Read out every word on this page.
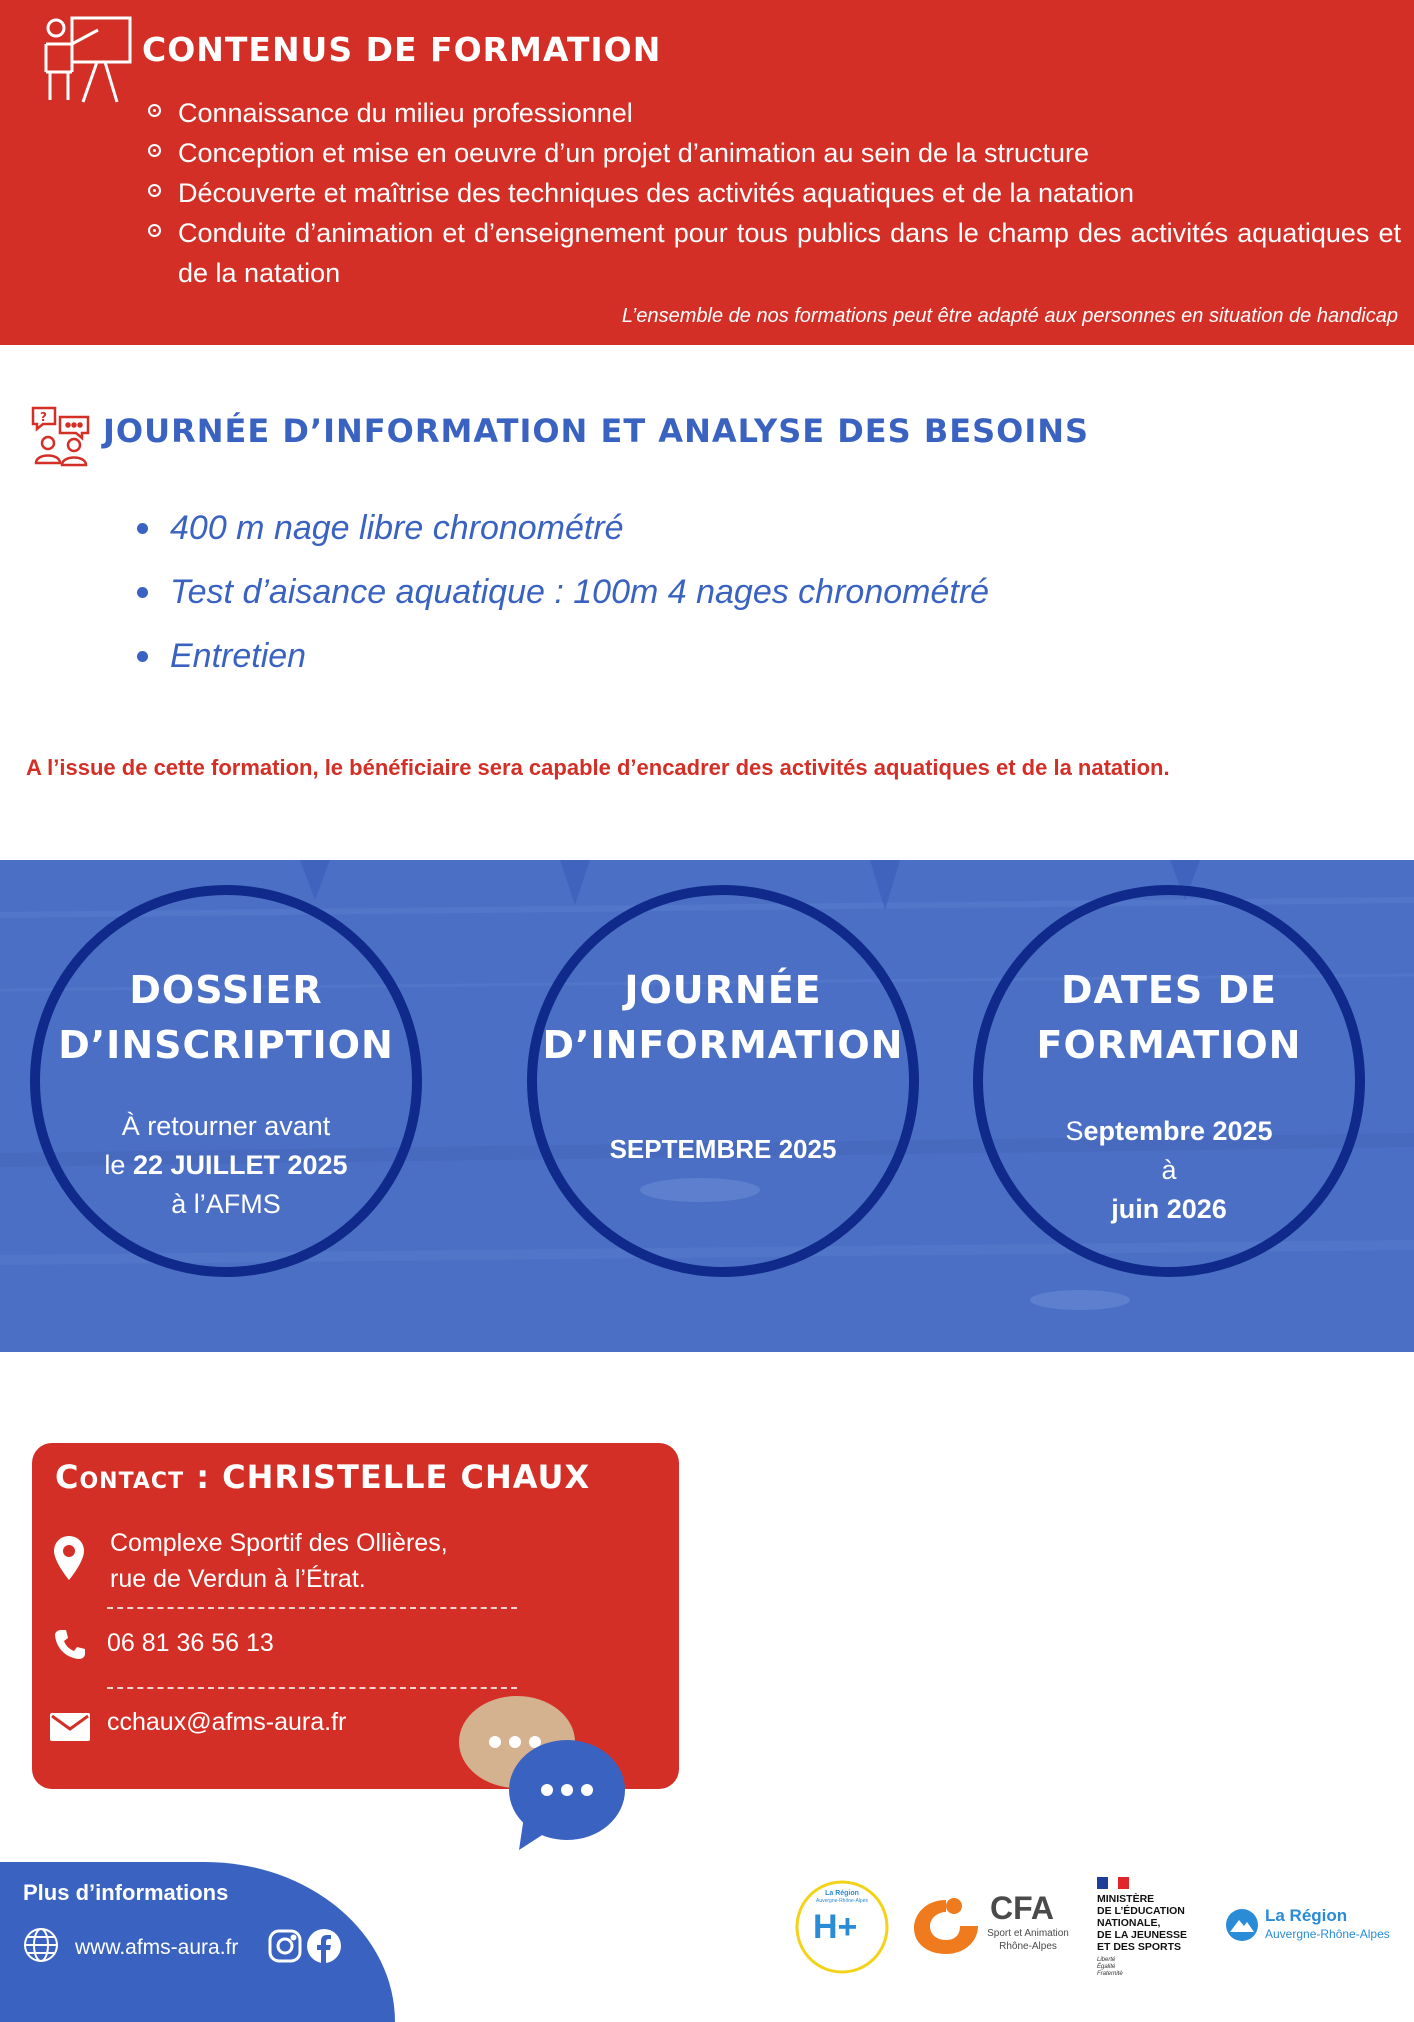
CONTENUS DE FORMATION
Connaissance du milieu professionnel
Conception et mise en oeuvre d’un projet d’animation au sein de la structure
Découverte et maîtrise des techniques des activités aquatiques et de la natation
Conduite d’animation et d’enseignement pour tous publics dans le champ des activités aquatiques et de la natation
L’ensemble de nos formations peut être adapté aux personnes en situation de handicap
? JOURNÉE D’INFORMATION ET ANALYSE DES BESOINS
400 m nage libre chronométré
Test d’aisance aquatique : 100m 4 nages chronométré
Entretien
A l’issue de cette formation, le bénéficiaire sera capable d’encadrer des activités aquatiques et de la natation.
DOSSIER
D’INSCRIPTION
À retourner avant
le 22 JUILLET 2025
à l’AFMS
JOURNÉE
D’INFORMATION
SEPTEMBRE 2025
DATES DE
FORMATION
Septembre 2025
à
juin 2026
Contact : CHRISTELLE CHAUX
Complexe Sportif des Ollières,
rue de Verdun à l’Étrat.
06 81 36 56 13
cchaux@afms-aura.fr
Plus d’informations
www.afms-aura.fr
La Région
Auvergne-Rhône-Alpes
H+	CFA
Sport et Animation
Rhône-Alpes
MINISTÈRE
DE L’ÉDUCATION
NATIONALE,
DE LA JEUNESSE
ET DES SPORTS
Liberté
Égalité
Fraternité
La Région
Auvergne-Rhône-Alpes
